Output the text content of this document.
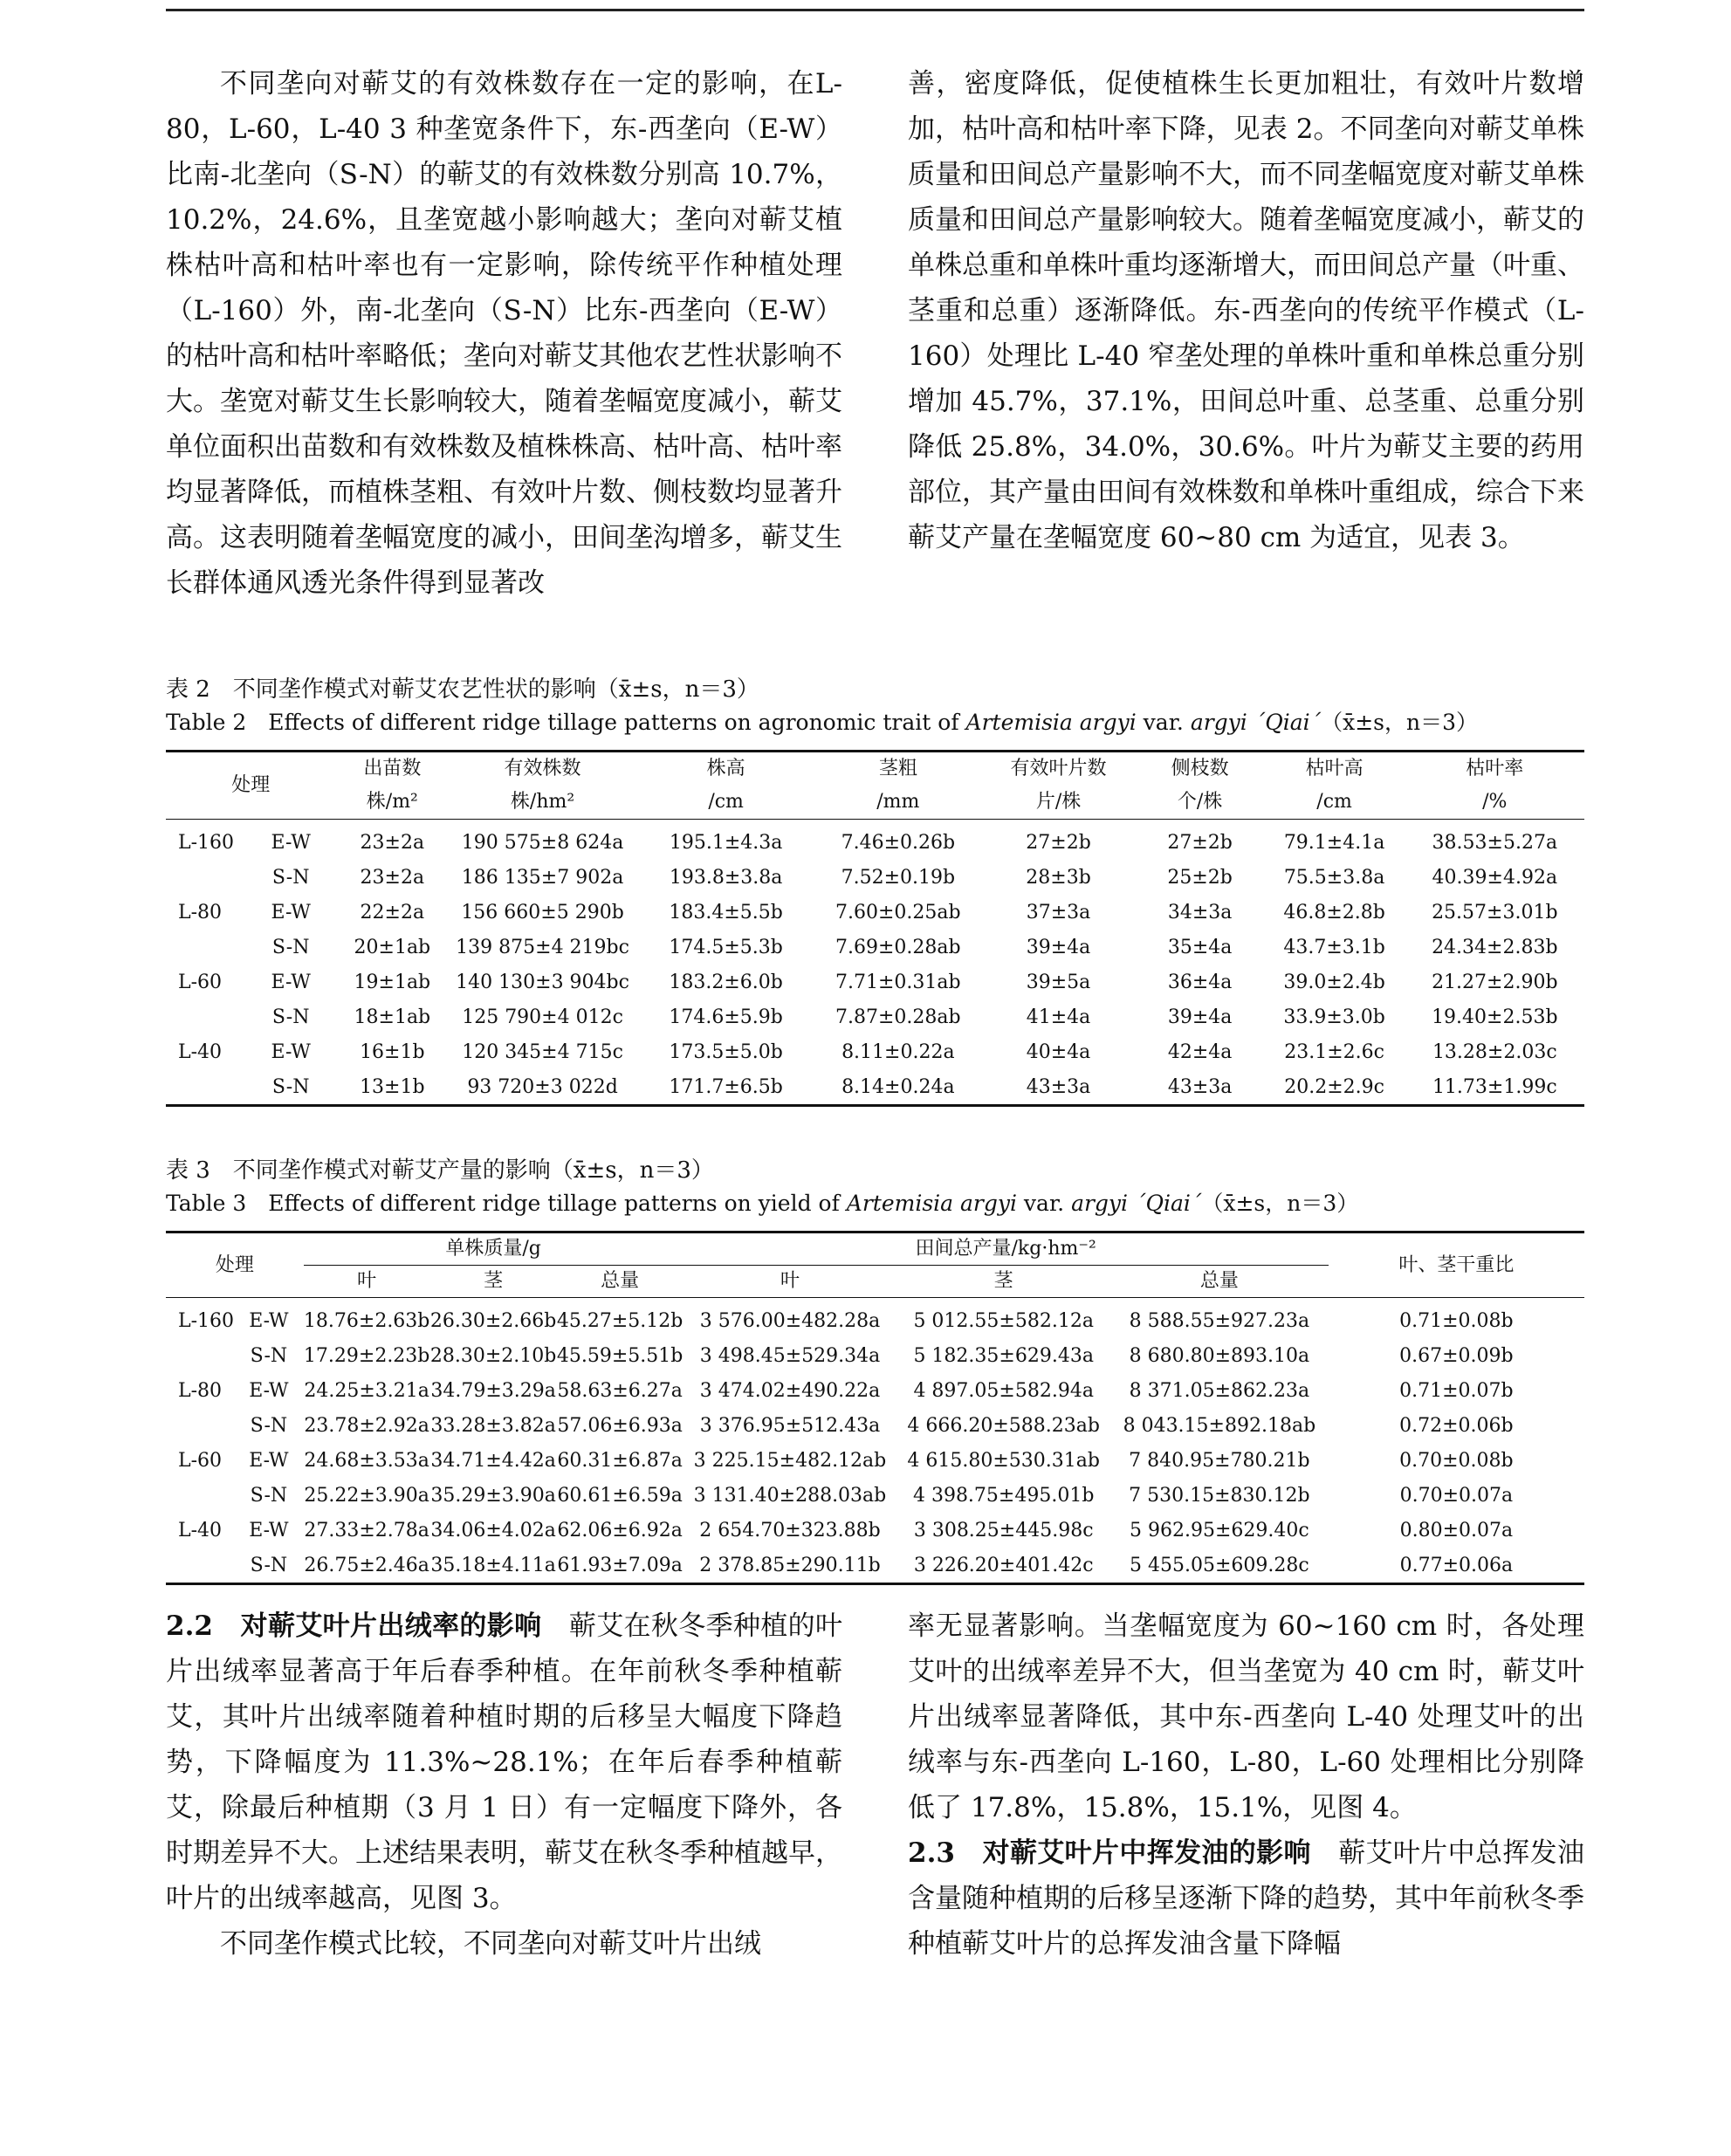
不同垄向对蕲艾的有效株数存在一定的影响，在L-80，L-60，L-40 3 种垄宽条件下，东-西垄向（E-W）比南-北垄向（S-N）的蕲艾的有效株数分别高 10.7%，10.2%，24.6%，且垄宽越小影响越大；垄向对蕲艾植株枯叶高和枯叶率也有一定影响，除传统平作种植处理（L-160）外，南-北垄向（S-N）比东-西垄向（E-W）的枯叶高和枯叶率略低；垄向对蕲艾其他农艺性状影响不大。垄宽对蕲艾生长影响较大，随着垄幅宽度减小，蕲艾单位面积出苗数和有效株数及植株株高、枯叶高、枯叶率均显著降低，而植株茎粗、有效叶片数、侧枝数均显著升高。这表明随着垄幅宽度的减小，田间垄沟增多，蕲艾生长群体通风透光条件得到显著改

善，密度降低，促使植株生长更加粗壮，有效叶片数增加，枯叶高和枯叶率下降，见表 2。不同垄向对蕲艾单株质量和田间总产量影响不大，而不同垄幅宽度对蕲艾单株质量和田间总产量影响较大。随着垄幅宽度减小，蕲艾的单株总重和单株叶重均逐渐增大，而田间总产量（叶重、茎重和总重）逐渐降低。东-西垄向的传统平作模式（L-160）处理比 L-40 窄垄处理的单株叶重和单株总重分别增加 45.7%，37.1%，田间总叶重、总茎重、总重分别降低 25.8%，34.0%，30.6%。叶片为蕲艾主要的药用部位，其产量由田间有效株数和单株叶重组成，综合下来蕲艾产量在垄幅宽度 60~80 cm 为适宜，见表 3。

表 2　不同垄作模式对蕲艾农艺性状的影响（x̄±s，n＝3）
Table 2　Effects of different ridge tillage patterns on agronomic trait of Artemisia argyi var. argyi ´Qiai´（x̄±s，n＝3）
处理		出苗数	有效株数	株高	茎粗	有效叶片数	侧枝数	枯叶高	枯叶率
		株/m²	株/hm²	/cm	/mm	片/株	个/株	/cm	/%
L-160	E-W	23±2a	190 575±8 624a	195.1±4.3a	7.46±0.26b	27±2b	27±2b	79.1±4.1a	38.53±5.27a
	S-N	23±2a	186 135±7 902a	193.8±3.8a	7.52±0.19b	28±3b	25±2b	75.5±3.8a	40.39±4.92a
L-80	E-W	22±2a	156 660±5 290b	183.4±5.5b	7.60±0.25ab	37±3a	34±3a	46.8±2.8b	25.57±3.01b
	S-N	20±1ab	139 875±4 219bc	174.5±5.3b	7.69±0.28ab	39±4a	35±4a	43.7±3.1b	24.34±2.83b
L-60	E-W	19±1ab	140 130±3 904bc	183.2±6.0b	7.71±0.31ab	39±5a	36±4a	39.0±2.4b	21.27±2.90b
	S-N	18±1ab	125 790±4 012c	174.6±5.9b	7.87±0.28ab	41±4a	39±4a	33.9±3.0b	19.40±2.53b
L-40	E-W	16±1b	120 345±4 715c	173.5±5.0b	8.11±0.22a	40±4a	42±4a	23.1±2.6c	13.28±2.03c
	S-N	13±1b	93 720±3 022d	171.7±6.5b	8.14±0.24a	43±3a	43±3a	20.2±2.9c	11.73±1.99c
表 3　不同垄作模式对蕲艾产量的影响（x̄±s，n＝3）
Table 3　Effects of different ridge tillage patterns on yield of Artemisia argyi var. argyi ´Qiai´（x̄±s，n＝3）
处理		单株质量/g			田间总产量/kg·hm⁻²			叶、茎干重比
		叶	茎	总量	叶	茎	总量	
L-160	E-W	18.76±2.63b	26.30±2.66b	45.27±5.12b	3 576.00±482.28a	5 012.55±582.12a	8 588.55±927.23a	0.71±0.08b
	S-N	17.29±2.23b	28.30±2.10b	45.59±5.51b	3 498.45±529.34a	5 182.35±629.43a	8 680.80±893.10a	0.67±0.09b
L-80	E-W	24.25±3.21a	34.79±3.29a	58.63±6.27a	3 474.02±490.22a	4 897.05±582.94a	8 371.05±862.23a	0.71±0.07b
	S-N	23.78±2.92a	33.28±3.82a	57.06±6.93a	3 376.95±512.43a	4 666.20±588.23ab	8 043.15±892.18ab	0.72±0.06b
L-60	E-W	24.68±3.53a	34.71±4.42a	60.31±6.87a	3 225.15±482.12ab	4 615.80±530.31ab	7 840.95±780.21b	0.70±0.08b
	S-N	25.22±3.90a	35.29±3.90a	60.61±6.59a	3 131.40±288.03ab	4 398.75±495.01b	7 530.15±830.12b	0.70±0.07a
L-40	E-W	27.33±2.78a	34.06±4.02a	62.06±6.92a	2 654.70±323.88b	3 308.25±445.98c	5 962.95±629.40c	0.80±0.07a
	S-N	26.75±2.46a	35.18±4.11a	61.93±7.09a	2 378.85±290.11b	3 226.20±401.42c	5 455.05±609.28c	0.77±0.06a

2.2　对蕲艾叶片出绒率的影响　 蕲艾在秋冬季种植的叶片出绒率显著高于年后春季种植。在年前秋冬季种植蕲艾，其叶片出绒率随着种植时期的后移呈大幅度下降趋势，下降幅度为 11.3%~28.1%；在年后春季种植蕲艾，除最后种植期（3 月 1 日）有一定幅度下降外，各时期差异不大。上述结果表明，蕲艾在秋冬季种植越早，叶片的出绒率越高，见图 3。

不同垄作模式比较，不同垄向对蕲艾叶片出绒

率无显著影响。当垄幅宽度为 60~160 cm 时，各处理艾叶的出绒率差异不大，但当垄宽为 40 cm 时，蕲艾叶片出绒率显著降低，其中东-西垄向 L-40 处理艾叶的出绒率与东-西垄向 L-160，L-80，L-60 处理相比分别降低了 17.8%，15.8%，15.1%，见图 4。

2.3　对蕲艾叶片中挥发油的影响　 蕲艾叶片中总挥发油含量随种植期的后移呈逐渐下降的趋势，其中年前秋冬季种植蕲艾叶片的总挥发油含量下降幅
